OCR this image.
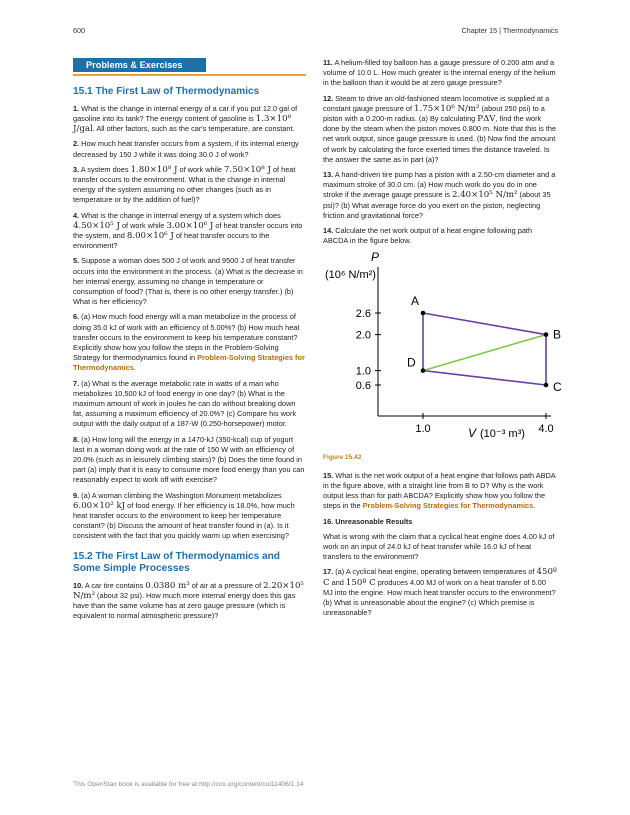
600	Chapter 15 | Thermodynamics
Problems & Exercises
15.1 The First Law of Thermodynamics
1. What is the change in internal energy of a car if you put 12.0 gal of gasoline into its tank? The energy content of gasoline is 1.3×10⁸ J/gal. All other factors, such as the car's temperature, are constant.
2. How much heat transfer occurs from a system, if its internal energy decreased by 150 J while it was doing 30.0 J of work?
3. A system does 1.80×10⁸ J of work while 7.50×10⁸ J of heat transfer occurs to the environment. What is the change in internal energy of the system assuming no other changes (such as in temperature or by the addition of fuel)?
4. What is the change in internal energy of a system which does 4.50×10⁵ J of work while 3.00×10⁶ J of heat transfer occurs into the system, and 8.00×10⁶ J of heat transfer occurs to the environment?
5. Suppose a woman does 500 J of work and 9500 J of heat transfer occurs into the environment in the process. (a) What is the decrease in her internal energy, assuming no change in temperature or consumption of food? (That is, there is no other energy transfer.) (b) What is her efficiency?
6. (a) How much food energy will a man metabolize in the process of doing 35.0 kJ of work with an efficiency of 5.00%? (b) How much heat transfer occurs to the environment to keep his temperature constant? Explicitly show how you follow the steps in the Problem-Solving Strategy for thermodynamics found in Problem-Solving Strategies for Thermodynamics.
7. (a) What is the average metabolic rate in watts of a man who metabolizes 10,500 kJ of food energy in one day? (b) What is the maximum amount of work in joules he can do without breaking down fat, assuming a maximum efficiency of 20.0%? (c) Compare his work output with the daily output of a 187-W (0.250-horsepower) motor.
8. (a) How long will the energy in a 1470-kJ (350-kcal) cup of yogurt last in a woman doing work at the rate of 150 W with an efficiency of 20.0% (such as in leisurely climbing stairs)? (b) Does the time found in part (a) imply that it is easy to consume more food energy than you can reasonably expect to work off with exercise?
9. (a) A woman climbing the Washington Monument metabolizes 6.00×10² kJ of food energy. If her efficiency is 18.0%, how much heat transfer occurs to the environment to keep her temperature constant? (b) Discuss the amount of heat transfer found in (a). Is it consistent with the fact that you quickly warm up when exercising?
15.2 The First Law of Thermodynamics and Some Simple Processes
10. A car tire contains 0.0380 m³ of air at a pressure of 2.20×10⁵ N/m² (about 32 psi). How much more internal energy does this gas have than the same volume has at zero gauge pressure (which is equivalent to normal atmospheric pressure)?
11. A helium-filled toy balloon has a gauge pressure of 0.200 atm and a volume of 10.0 L. How much greater is the internal energy of the helium in the balloon than it would be at zero gauge pressure?
12. Steam to drive an old-fashioned steam locomotive is supplied at a constant gauge pressure of 1.75×10⁶ N/m² (about 250 psi) to a piston with a 0.200-m radius. (a) By calculating PΔV, find the work done by the steam when the piston moves 0.800 m. Note that this is the net work output, since gauge pressure is used. (b) Now find the amount of work by calculating the force exerted times the distance traveled. Is the answer the same as in part (a)?
13. A hand-driven tire pump has a piston with a 2.50-cm diameter and a maximum stroke of 30.0 cm. (a) How much work do you do in one stroke if the average gauge pressure is 2.40×10⁵ N/m² (about 35 psi)? (b) What average force do you exert on the piston, neglecting friction and gravitational force?
14. Calculate the net work output of a heat engine following path ABCDA in the figure below.
P
(10⁶ N/m²)
V (10⁻³ m³)
0.6
1.0
2.0
2.6
1.0	4.0
A
B
C
D
Figure 15.42
15. What is the net work output of a heat engine that follows path ABDA in the figure above, with a straight line from B to D? Why is the work output less than for path ABCDA? Explicitly show how you follow the steps in the Problem-Solving Strategies for Thermodynamics.
16. Unreasonable Results
What is wrong with the claim that a cyclical heat engine does 4.00 kJ of work on an input of 24.0 kJ of heat transfer while 16.0 kJ of heat transfers to the environment?
17. (a) A cyclical heat engine, operating between temperatures of 450º C and 150º C produces 4.00 MJ of work on a heat transfer of 5.00 MJ into the engine. How much heat transfer occurs to the environment? (b) What is unreasonable about the engine? (c) Which premise is unreasonable?
This OpenStax book is available for free at http://cnx.org/content/col11406/1.14
